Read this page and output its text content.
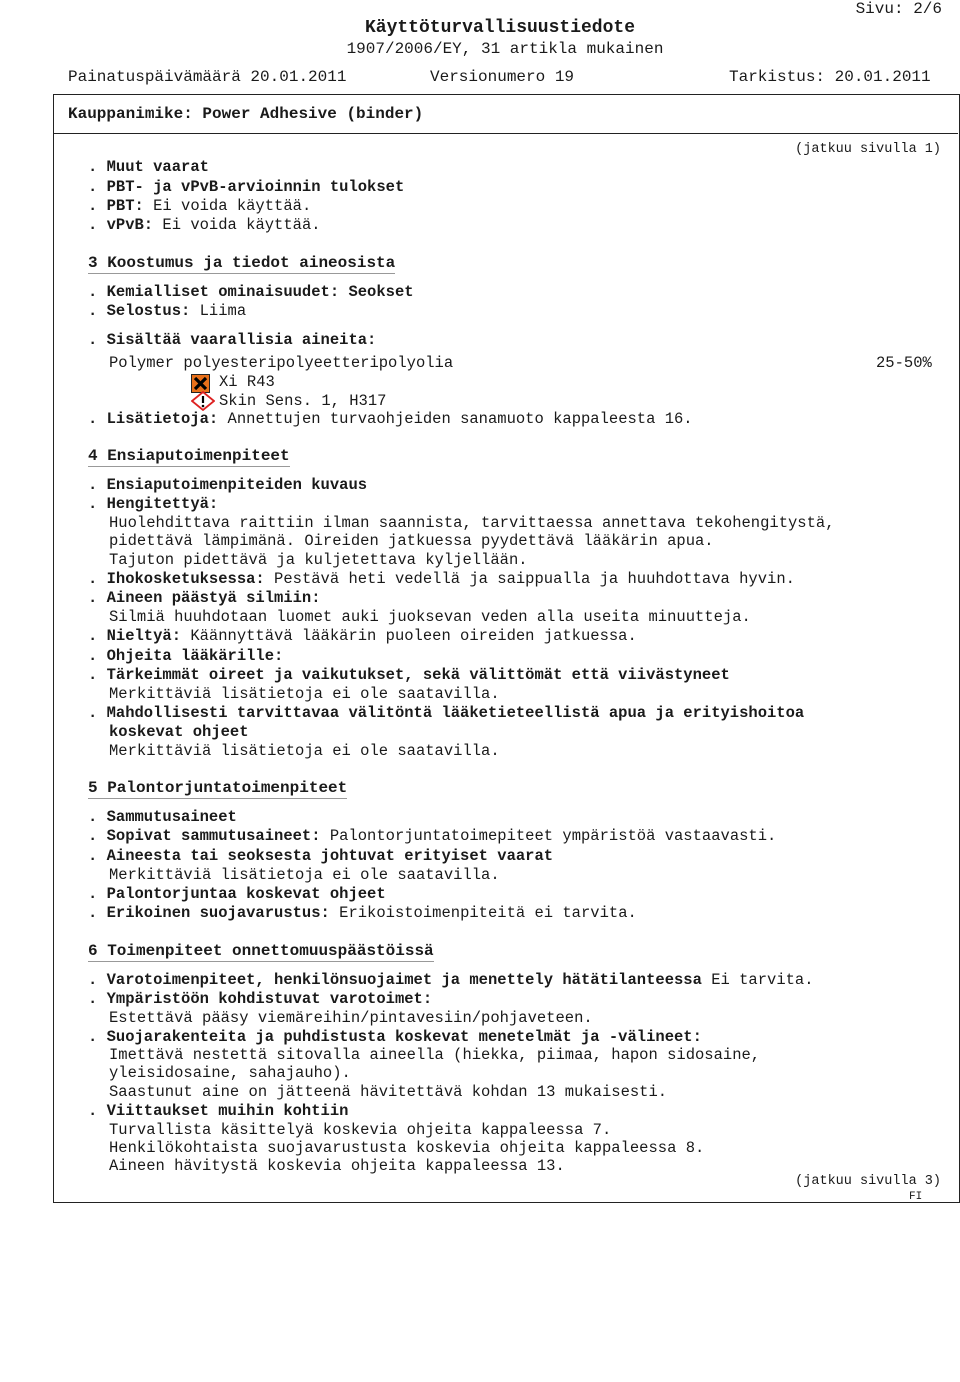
Sivu: 2/6
Käyttöturvallisuustiedote
1907/2006/EY, 31 artikla mukainen
Painatuspäivämäärä 20.01.2011	Versionumero 19	Tarkistus: 20.01.2011
Kauppanimike: Power Adhesive (binder)
(jatkuu sivulla 1)
. Muut vaarat
. PBT- ja vPvB-arvioinnin tulokset
. PBT: Ei voida käyttää.
. vPvB: Ei voida käyttää.
3 Koostumus ja tiedot aineosista
. Kemialliset ominaisuudet: Seokset
. Selostus: Liima
. Sisältää vaarallisia aineita:
Polymer polyesteripolyeetteripolyolia	25-50%
Xi R43
Skin Sens. 1, H317
. Lisätietoja: Annettujen turvaohjeiden sanamuoto kappaleesta 16.
4 Ensiaputoimenpiteet
. Ensiaputoimenpiteiden kuvaus
. Hengitettyä:
Huolehdittava raittiin ilman saannista, tarvittaessa annettava tekohengitystä,
pidettävä lämpimänä. Oireiden jatkuessa pyydettävä lääkärin apua.
Tajuton pidettävä ja kuljetettava kyljellään.
. Ihokosketuksessa: Pestävä heti vedellä ja saippualla ja huuhdottava hyvin.
. Aineen päästyä silmiin:
Silmiä huuhdotaan luomet auki juoksevan veden alla useita minuutteja.
. Nieltyä: Käännyttävä lääkärin puoleen oireiden jatkuessa.
. Ohjeita lääkärille:
. Tärkeimmät oireet ja vaikutukset, sekä välittömät että viivästyneet
Merkittäviä lisätietoja ei ole saatavilla.
. Mahdollisesti tarvittavaa välitöntä lääketieteellistä apua ja erityishoitoa
koskevat ohjeet
Merkittäviä lisätietoja ei ole saatavilla.
5 Palontorjuntatoimenpiteet
. Sammutusaineet
. Sopivat sammutusaineet: Palontorjuntatoimepiteet ympäristöä vastaavasti.
. Aineesta tai seoksesta johtuvat erityiset vaarat
Merkittäviä lisätietoja ei ole saatavilla.
. Palontorjuntaa koskevat ohjeet
. Erikoinen suojavarustus: Erikoistoimenpiteitä ei tarvita.
6 Toimenpiteet onnettomuuspäästöissä
. Varotoimenpiteet, henkilönsuojaimet ja menettely hätätilanteessa Ei tarvita.
. Ympäristöön kohdistuvat varotoimet:
Estettävä pääsy viemäreihin/pintavesiin/pohjaveteen.
. Suojarakenteita ja puhdistusta koskevat menetelmät ja -välineet:
Imettävä nestettä sitovalla aineella (hiekka, piimaa, hapon sidosaine,
yleisidosaine, sahajauho).
Saastunut aine on jätteenä hävitettävä kohdan 13 mukaisesti.
. Viittaukset muihin kohtiin
Turvallista käsittelyä koskevia ohjeita kappaleessa 7.
Henkilökohtaista suojavarustusta koskevia ohjeita kappaleessa 8.
Aineen hävitystä koskevia ohjeita kappaleessa 13.
(jatkuu sivulla 3)
FI
